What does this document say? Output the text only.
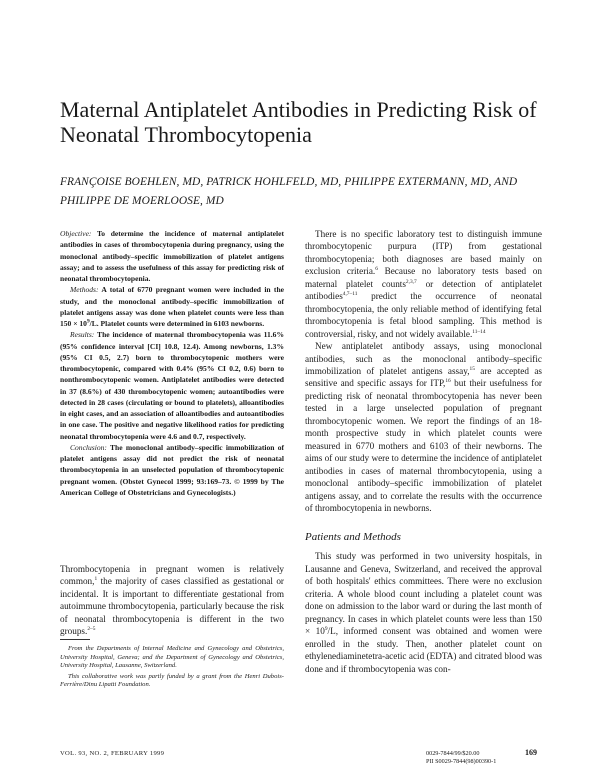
Maternal Antiplatelet Antibodies in Predicting Risk of Neonatal Thrombocytopenia
FRANÇOISE BOEHLEN, MD, PATRICK HOHLFELD, MD, PHILIPPE EXTERMANN, MD, AND PHILIPPE DE MOERLOOSE, MD

Objective: To determine the incidence of maternal antiplatelet antibodies in cases of thrombocytopenia during pregnancy, using the monoclonal antibody–specific immobilization of platelet antigens assay; and to assess the usefulness of this assay for predicting risk of neonatal thrombocytopenia.

Methods: A total of 6770 pregnant women were included in the study, and the monoclonal antibody–specific immobilization of platelet antigens assay was done when platelet counts were less than $150 \times 10^9/L$. Platelet counts were determined in 6103 newborns.

Results: The incidence of maternal thrombocytopenia was 11.6% (95% confidence interval [CI] 10.8, 12.4). Among newborns, 1.3% (95% CI 0.5, 2.7) born to thrombocytopenic mothers were thrombocytopenic, compared with 0.4% (95% CI 0.2, 0.6) born to nonthrombocytopenic women. Antiplatelet antibodies were detected in 37 (8.6%) of 430 thrombocytopenic women; autoantibodies were detected in 28 cases (circulating or bound to platelets), alloantibodies in eight cases, and an association of alloantibodies and autoantibodies in one case. The positive and negative likelihood ratios for predicting neonatal thrombocytopenia were 4.6 and 0.7, respectively.

Conclusion: The monoclonal antibody–specific immobilization of platelet antigens assay did not predict the risk of neonatal thrombocytopenia in an unselected population of thrombocytopenic pregnant women. (Obstet Gynecol 1999; 93:169–73. © 1999 by The American College of Obstetricians and Gynecologists.)

Thrombocytopenia in pregnant women is relatively common,$^1$ the majority of cases classified as gestational or incidental. It is important to differentiate gestational from autoimmune thrombocytopenia, particularly because the risk of neonatal thrombocytopenia is different in the two groups.$^{2-5}$

From the Departments of Internal Medicine and Gynecology and Obstetrics, University Hospital, Geneva; and the Department of Gynecology and Obstetrics, University Hospital, Lausanne, Switzerland.

This collaborative work was partly funded by a grant from the Henri Dubois-Ferrière/Dinu Lipatti Foundation.

There is no specific laboratory test to distinguish immune thrombocytopenic purpura (ITP) from gestational thrombocytopenia; both diagnoses are based mainly on exclusion criteria.$^6$ Because no laboratory tests based on maternal platelet counts$^{2,3,7}$ or detection of antiplatelet antibodies$^{4,7-11}$ predict the occurrence of neonatal thrombocytopenia, the only reliable method of identifying fetal thrombocytopenia is fetal blood sampling. This method is controversial, risky, and not widely available.$^{11-14}$

New antiplatelet antibody assays, using monoclonal antibodies, such as the monoclonal antibody–specific immobilization of platelet antigens assay,$^{15}$ are accepted as sensitive and specific assays for ITP,$^{16}$ but their usefulness for predicting risk of neonatal thrombocytopenia has never been tested in a large unselected population of pregnant thrombocytopenic women. We report the findings of an 18-month prospective study in which platelet counts were measured in 6770 mothers and 6103 of their newborns. The aims of our study were to determine the incidence of antiplatelet antibodies in cases of maternal thrombocytopenia, using a monoclonal antibody–specific immobilization of platelet antigens assay, and to correlate the results with the occurrence of thrombocytopenia in newborns.

Patients and Methods

This study was performed in two university hospitals, in Lausanne and Geneva, Switzerland, and received the approval of both hospitals' ethics committees. There were no exclusion criteria. A whole blood count including a platelet count was done on admission to the labor ward or during the last month of pregnancy. In cases in which platelet counts were less than $150 \times 10^9/L$, informed consent was obtained and women were enrolled in the study. Then, another platelet count on ethylenediaminetetra-acetic acid (EDTA) and citrated blood was done and if thrombocytopenia was con-

VOL. 93, NO. 2, FEBRUARY 1999	0029-7844/99/$20.00	169
PII S0029-7844(98)00390-1
